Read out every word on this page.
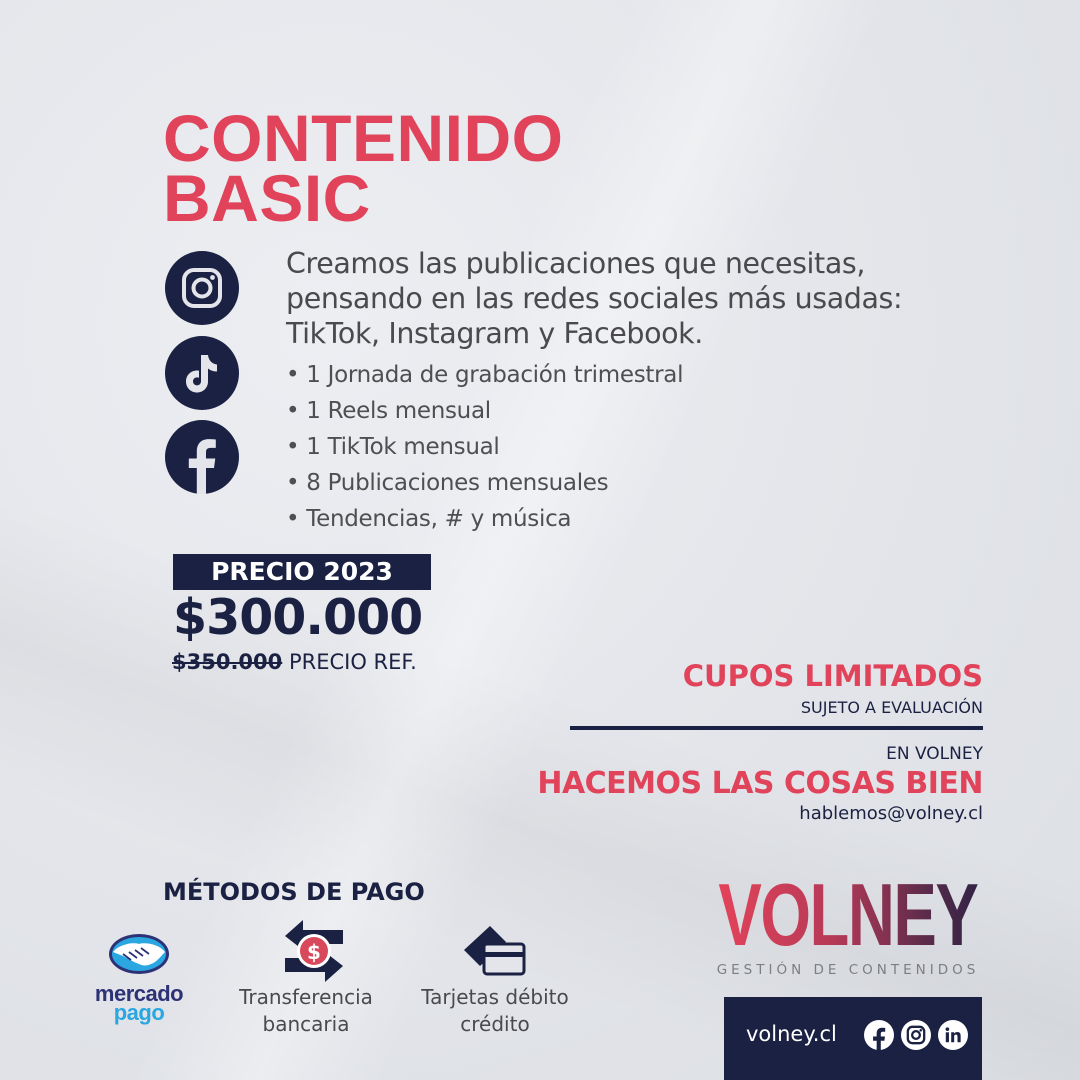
CONTENIDO
BASIC
Creamos las publicaciones que necesitas,
pensando en las redes sociales más usadas:
TikTok, Instagram y Facebook.
• 1 Jornada de grabación trimestral
• 1 Reels mensual
• 1 TikTok mensual
• 8 Publicaciones mensuales
• Tendencias, # y música
PRECIO 2023
$300.000
$350.000 PRECIO REF.	CUPOS LIMITADOS
SUJETO A EVALUACIÓN
EN VOLNEY
HACEMOS LAS COSAS BIEN
hablemos@volney.cl
MÉTODOS DE PAGO
mercado
pago
$
Transferencia
bancaria
Tarjetas débito
crédito
VOLNEY
GESTIÓN DE CONTENIDOS
volney.cl
